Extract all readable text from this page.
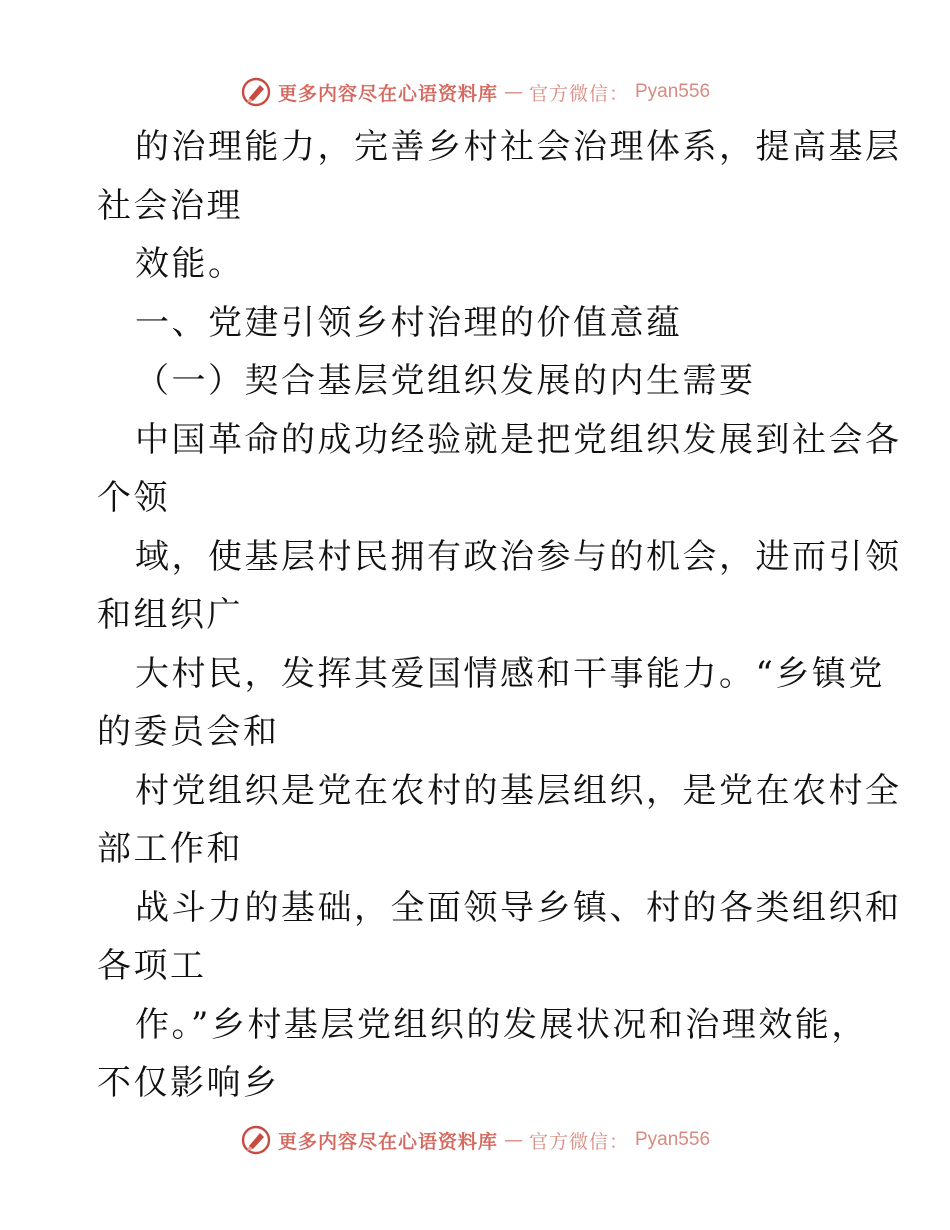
更多内容尽在心语资料库 — 官方微信： Pyan556
的治理能力，完善乡村社会治理体系，提高基层
社会治理
效能。
一、党建引领乡村治理的价值意蕴
（一）契合基层党组织发展的内生需要
中国革命的成功经验就是把党组织发展到社会各
个领
域，使基层村民拥有政治参与的机会，进而引领
和组织广
大村民，发挥其爱国情感和干事能力。“乡镇党
的委员会和
村党组织是党在农村的基层组织，是党在农村全
部工作和
战斗力的基础，全面领导乡镇、村的各类组织和
各项工
作。”乡村基层党组织的发展状况和治理效能，
不仅影响乡
更多内容尽在心语资料库 — 官方微信： Pyan556
